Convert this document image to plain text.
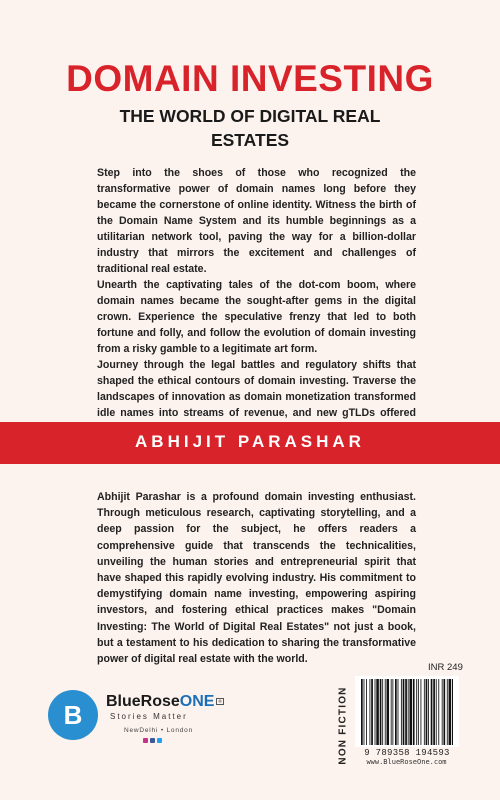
DOMAIN INVESTING
THE WORLD OF DIGITAL REAL ESTATES

Step into the shoes of those who recognized the transformative power of domain names long before they became the cornerstone of online identity. Witness the birth of the Domain Name System and its humble beginnings as a utilitarian network tool, paving the way for a billion-dollar industry that mirrors the excitement and challenges of traditional real estate.

Unearth the captivating tales of the dot-com boom, where domain names became the sought-after gems in the digital crown. Experience the speculative frenzy that led to both fortune and folly, and follow the evolution of domain investing from a risky gamble to a legitimate art form.

Journey through the legal battles and regulatory shifts that shaped the ethical contours of domain investing. Traverse the landscapes of innovation as domain monetization transformed idle names into streams of revenue, and new gTLDs offered

ABHIJIT PARASHAR

Abhijit Parashar is a profound domain investing enthusiast. Through meticulous research, captivating storytelling, and a deep passion for the subject, he offers readers a comprehensive guide that transcends the technicalities, unveiling the human stories and entrepreneurial spirit that have shaped this rapidly evolving industry. His commitment to demystifying domain name investing, empowering aspiring investors, and fostering ethical practices makes "Domain Investing: The World of Digital Real Estates" not just a book, but a testament to his dedication to sharing the transformative power of digital real estate with the world.

B BlueRoseONE ®
Stories Matter
NewDelhi • London	NON FICTION
INR 249
9 789358 194593
www.BlueRoseOne.com
